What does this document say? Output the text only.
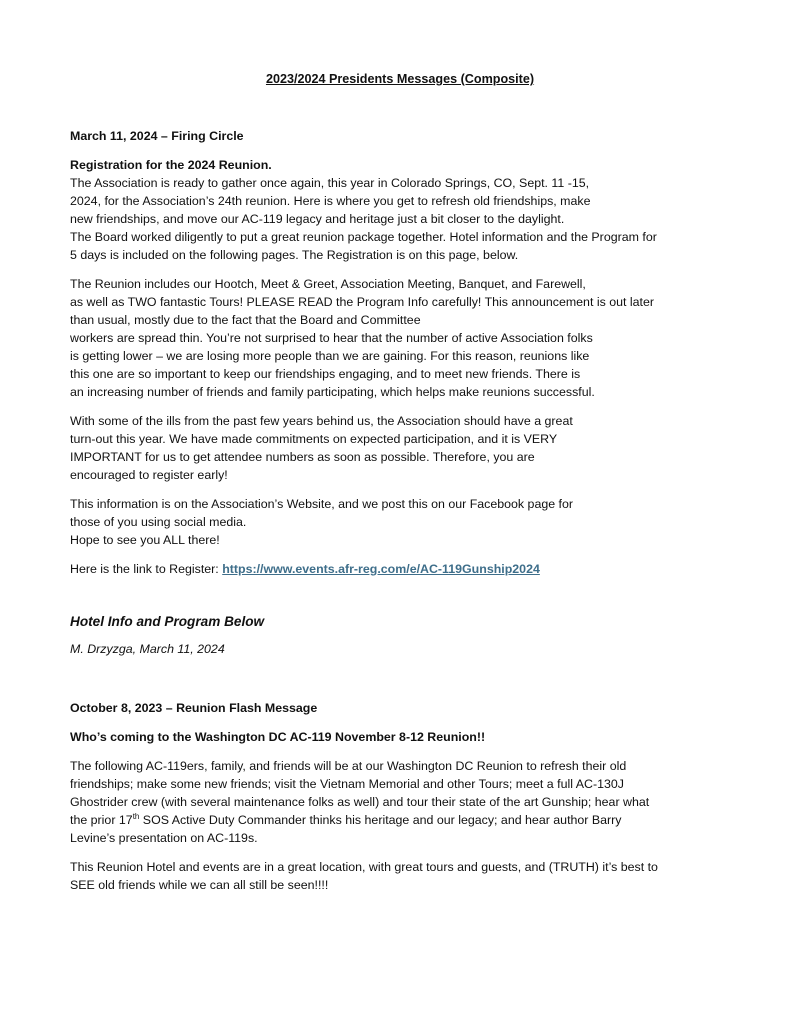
2023/2024 Presidents Messages (Composite)
March 11, 2024 – Firing Circle
Registration for the 2024 Reunion.
The Association is ready to gather once again, this year in Colorado Springs, CO, Sept. 11 -15,
2024, for the Association’s 24th reunion. Here is where you get to refresh old friendships, make
new friendships, and move our AC-119 legacy and heritage just a bit closer to the daylight.
The Board worked diligently to put a great reunion package together. Hotel information and the Program for
5 days is included on the following pages. The Registration is on this page, below.
The Reunion includes our Hootch, Meet & Greet, Association Meeting, Banquet, and Farewell,
as well as TWO fantastic Tours! PLEASE READ the Program Info carefully! This announcement is out later
than usual, mostly due to the fact that the Board and Committee
workers are spread thin. You’re not surprised to hear that the number of active Association folks
is getting lower – we are losing more people than we are gaining. For this reason, reunions like
this one are so important to keep our friendships engaging, and to meet new friends. There is
an increasing number of friends and family participating, which helps make reunions successful.
With some of the ills from the past few years behind us, the Association should have a great
turn-out this year. We have made commitments on expected participation, and it is VERY
IMPORTANT for us to get attendee numbers as soon as possible. Therefore, you are
encouraged to register early!
This information is on the Association’s Website, and we post this on our Facebook page for
those of you using social media.
Hope to see you ALL there!
Here is the link to Register: https://www.events.afr-reg.com/e/AC-119Gunship2024
Hotel Info and Program Below
M. Drzyzga, March 11, 2024
October 8, 2023 – Reunion Flash Message
Who’s coming to the Washington DC AC-119 November 8-12 Reunion!!
The following AC-119ers, family, and friends will be at our Washington DC Reunion to refresh their old
friendships; make some new friends; visit the Vietnam Memorial and other Tours; meet a full AC-130J
Ghostrider crew (with several maintenance folks as well) and tour their state of the art Gunship; hear what
the prior 17th SOS Active Duty Commander thinks his heritage and our legacy; and hear author Barry
Levine’s presentation on AC-119s.
This Reunion Hotel and events are in a great location, with great tours and guests, and (TRUTH) it’s best to
SEE old friends while we can all still be seen!!!!
